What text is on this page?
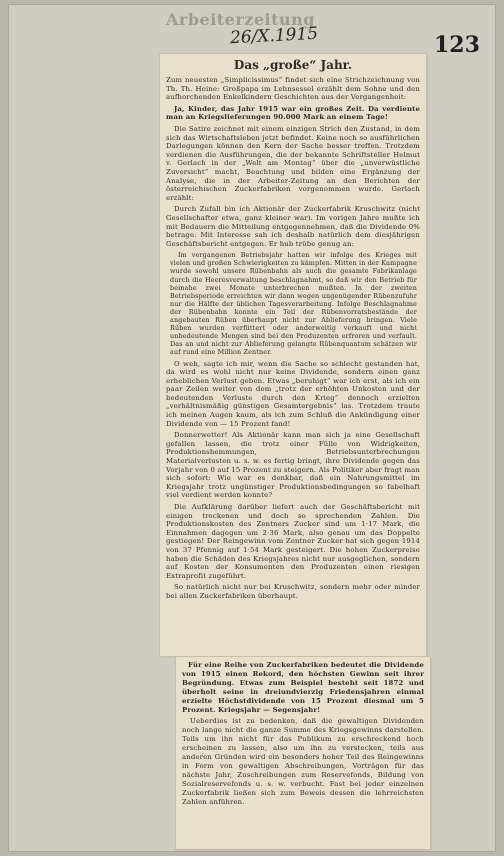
Arbeiterzeitung
26/X.1915	123
Das „große“ Jahr.

Zum neuesten „Simplicissimus“ findet sich eine Strichzeichnung von Th. Th. Heine: Großpapa im Lehnsessel erzählt dem Sohne und den aufhorchenden Enkelkindern Geschichten aus der Vergangenheit:

Ja, Kinder, das Jahr 1915 war ein großes Zeit. Da verdiente man an Kriegslieferungen 90.000 Mark an einem Tage!

Die Satire zeichnet mit einem einzigen Strich den Zustand, in dem sich das Wirtschaftsleben jetzt befindet. Keine noch so ausführlichen Darlegungen können den Kern der Sache besser treffen. Trotzdem verdienen die Ausführungen, die der bekannte Schriftsteller Helmut v. Gerlach in der „Welt am Montag“ über die „unverwüstliche Zuversicht“ macht, Beachtung und bilden eine Ergänzung der Analyse, die in der Arbeiter-Zeitung an den Berichten der österreichischen Zuckerfabriken vorgenommen wurde. Gerlach erzählt:

Durch Zufall bin ich Aktionär der Zuckerfabrik Kruschwitz (nicht Gesellschafter etwa, ganz kleiner war). Im vorigen Jahre mußte ich mit Bedauern die Mitteilung entgegennehmen, daß die Dividende 0% betrage. Mit Interesse sah ich deshalb natürlich dem diesjährigen Geschäftsbericht entgegen. Er hub trübe genug an:

Im vergangenen Betriebsjahr hatten wir infolge des Krieges mit vielen und großen Schwierigkeiten zu kämpfen. Mitten in der Kampagne wurde sowohl unsere Rübenbahn als auch die gesamte Fabrikanlage durch die Heeresverwaltung beschlagnahmt, so daß wir den Betrieb für beinahe zwei Monate unterbrechen mußten. In der zweiten Betriebsperiode erreichten wir dann wegen ungenügender Rübenzufuhr nur die Hälfte der üblichen Tagesverarbeitung. Infolge Beschlagnahme der Rübenbahn konnte ein Teil der Rübenvorratsbestände der angebauten Rüben überhaupt nicht zur Ablieferung bringen. Viele Rüben wurden verfüttert oder anderweitig verkauft und nicht unbedeutende Mengen sind bei den Produzenten erfroren und verfault. Das an und nicht zur Ablieferung gelangte Rübenquantum schätzen wir auf rund eine Million Zentner.

O weh, sagte ich mir, wenn die Sache so schlecht gestanden hat, da wird es wohl nicht nur keine Dividende, sondern einen ganz erheblichen Verlust geben. Etwas „beruhigt“ war ich erst, als ich ein paar Zeilen weiter von dem „trotz der erhöhten Unkosten und der bedeutenden Verluste durch den Krieg“ dennoch erzielten „verhältnismäßig günstigen Gesamtergebnis“ las. Trotzdem traute ich meinen Augen kaum, als ich zum Schluß die Ankündigung einer Dividende von — 15 Prozent fand!

Donnerwetter! Als Aktionär kann man sich ja eine Gesellschaft gefallen lassen, die trotz einer Fülle von Widrigkeiten, Produktionshemmungen, Betriebsunterbrechungen Materialverlusten u. s. w. es fertig bringt, ihre Dividende gegen das Vorjahr von 0 auf 15 Prozent zu steigern. Als Politiker aber fragt man sich sofort: Wie war es denkbar, daß ein Nahrungsmittel im Kriegsjahr trotz ungünstiger Produktionsbedingungen so fabelhaft viel verdient werden konnte?

Die Aufklärung darüber liefert auch der Geschäftsbericht mit einigen trockenen und doch so sprechenden Zahlen. Die Produktionskosten des Zentners Zucker sind um 1·17 Mark, die Einnahmen dagegen um 2·36 Mark, also genau um das Doppelte gestiegen! Der Reingewinn vom Zentner Zucker hat sich gegen 1914 von 37 Pfennig auf 1·54 Mark gesteigert. Die hohen Zuckerpreise haben die Schäden des Kriegsjahres nicht nur ausgeglichen, sondern auf Kosten der Konsumenten den Produzenten einen riesigen Extraprofit zugeführt.

So natürlich nicht nur bei Kruschwitz, sondern mehr oder minder bei allen Zuckerfabriken überhaupt.

Für eine Reihe von Zuckerfabriken bedeutet die Dividende von 1915 einen Rekord, den höchsten Gewinn seit ihrer Begründung. Etwas zum Beispiel besteht seit 1872 und überholt seine in dreiundvierzig Friedensjahren einmal erzielte Höchstdividende von 15 Prozent diesmal um 5 Prozent. Kriegsjahr — Segensjahr!

Ueberdies ist zu bedenken, daß die gewaltigen Dividenden noch lange nicht die ganze Summe des Kriegsgewinns darstellen. Teils um ihn nicht für das Publikum zu erschreckend hoch erscheinen zu lassen, also um ihn zu verstecken, teils aus anderen Gründen wird ein besonders hoher Teil des Reingewinns in Form von gewaltigen Abschreibungen, Vorträgen für das nächste Jahr, Zuschreibungen zum Reservefonds, Bildung von Sozialreservefonds u. s. w. verbucht. Fast bei jeder einzelnen Zuckerfabrik ließen sich zum Beweis dessen die lehrreichsten Zahlen anführen.
